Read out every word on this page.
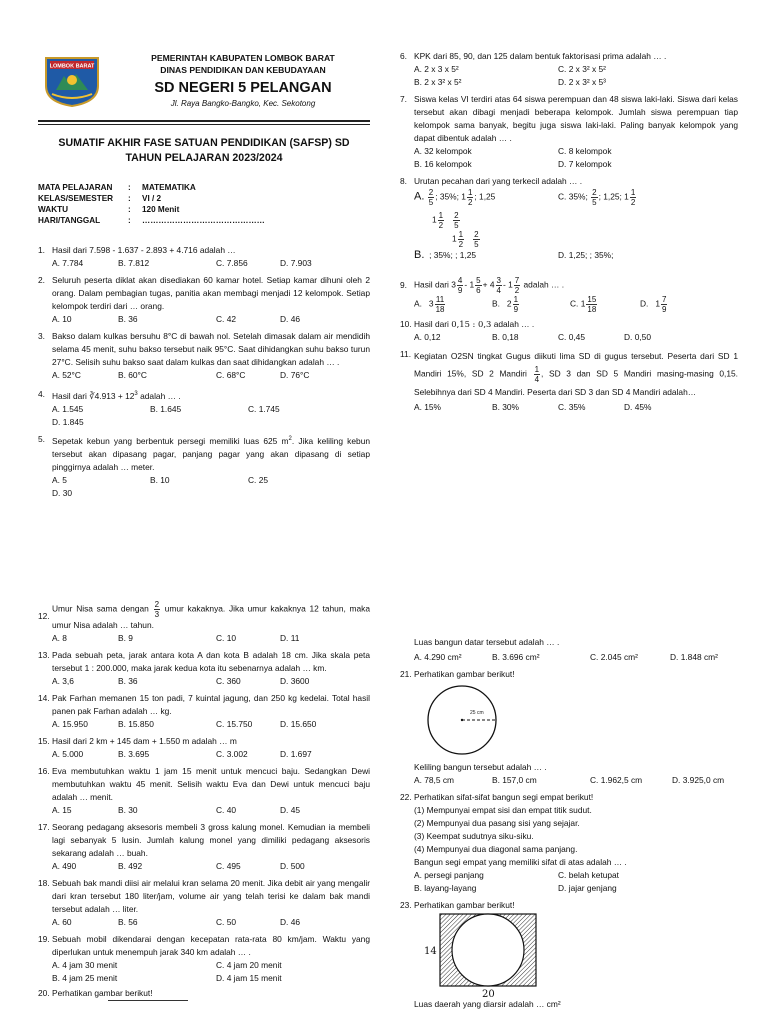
LOMBOK BARAT
PEMERINTAH KABUPATEN LOMBOK BARAT
DINAS PENDIDIKAN DAN KEBUDAYAAN
SD NEGERI 5 PELANGAN
Jl. Raya Bangko-Bangko, Kec. Sekotong
SUMATIF AKHIR FASE SATUAN PENDIDIKAN (SAFSP) SD
TAHUN PELAJARAN 2023/2024
MATA PELAJARAN	:	MATEMATIKA
KELAS/SEMESTER	:	VI / 2
WAKTU	:	120 Menit
HARI/TANGGAL	:	………………………………………
1. Hasil dari 7.598 - 1.637 - 2.893 + 4.716 adalah …
A. 7.784	B. 7.812	C. 7.856	D. 7.903
2. Seluruh peserta diklat akan disediakan 60 kamar hotel. Setiap kamar dihuni oleh 2 orang. Dalam pembagian tugas, panitia akan membagi menjadi 12 kelompok. Setiap kelompok terdiri dari … orang.
A. 10	B. 36	C. 42	D. 46
3. Bakso dalam kulkas bersuhu 8°C di bawah nol. Setelah dimasak dalam air mendidih selama 45 menit, suhu bakso tersebut naik 95°C. Saat dihidangkan suhu bakso turun 27°C. Selisih suhu bakso saat dalam kulkas dan saat dihidangkan adalah … .
A. 52°C	B. 60°C	C. 68°C	D. 76°C
4. Hasil dari ∛4.913 + $12^3$ adalah … .
A. 1.545	B. 1.645	C. 1.745
D. 1.845
5. Sepetak kebun yang berbentuk persegi memiliki luas 625 $m^2$. Jika keliling kebun tersebut akan dipasang pagar, panjang pagar yang akan dipasang di setiap pinggirnya adalah … meter.
A. 5	B. 10	C. 25
D. 30
6. KPK dari 85, 90, dan 125 dalam bentuk faktorisasi prima adalah … .
A. 2 x 3 x 5²	C. 2 x 3² x 5²
B. 2 x 3² x 5²	D. 2 x 3² x 5³
7. Siswa kelas VI terdiri atas 64 siswa perempuan dan 48 siswa laki-laki. Siswa dari kelas tersebut akan dibagi menjadi beberapa kelompok. Jumlah siswa perempuan tiap kelompok sama banyak, begitu juga siswa laki-laki. Paling banyak kelompok yang dapat dibentuk adalah … .
A. 32 kelompok	C. 8 kelompok
B. 16 kelompok	D. 7 kelompok
8. Urutan pecahan dari yang terkecil adalah … .
A. $\frac{2}{5}$ ; 35%; $1 \frac{1}{2}$ ; 1,25	C. 35%; $\frac{2}{5}$ ; 1,25; $1 \frac{1}{2}$
$1 \frac{1}{2}$
$\frac{2}{5}$
$1 \frac{1}{2}$
$\frac{2}{5}$
B. ; 35%; ; 1,25	D. 1,25; ; 35%;
9. Hasil dari $3 \frac{4}{9} - 1 \frac{5}{6} + 4 \frac{3}{4} - 1 \frac{7}{2}$ adalah … .
A.   $3 \frac{11}{18}$	B.   $2 \frac{1}{9}$	C. $1 \frac{15}{18}$	D.   $1 \frac{7}{9}$
10. Hasil dari 0,15 : 0,3 adalah … .
A. 0,12	B. 0,18	C. 0,45	D. 0,50
11. Kegiatan O2SN tingkat Gugus diikuti lima SD di gugus tersebut. Peserta dari SD 1 Mandiri 15%, SD 2 Mandiri $\frac{1}{4}$ , SD 3 dan SD 5 Mandiri masing-masing 0,15. Selebihnya dari SD 4 Mandiri. Peserta dari SD 3 dan SD 4 Mandiri adalah…
A. 15%	B. 30%	C. 35%	D. 45%
12.
Umur Nisa sama dengan $\frac{2}{3}$ umur kakaknya. Jika umur kakaknya 12 tahun, maka umur Nisa adalah … tahun.
A. 8	B. 9	C. 10	D. 11
13. Pada sebuah peta, jarak antara kota A dan kota B adalah 18 cm. Jika skala peta tersebut 1 : 200.000, maka jarak kedua kota itu sebenarnya adalah … km.
A. 3,6	B. 36	C. 360	D. 3600
14. Pak Farhan memanen 15 ton padi, 7 kuintal jagung, dan 250 kg kedelai. Total hasil panen pak Farhan adalah … kg.
A. 15.950	B. 15.850	C. 15.750	D. 15.650
15. Hasil dari 2 km + 145 dam + 1.550 m adalah … m
A. 5.000	B. 3.695	C. 3.002	D. 1.697
16. Eva membutuhkan waktu 1 jam 15 menit untuk mencuci baju. Sedangkan Dewi membutuhkan waktu 45 menit. Selisih waktu Eva dan Dewi untuk mencuci baju adalah … menit.
A. 15	B. 30	C. 40	D. 45
17. Seorang pedagang aksesoris membeli 3 gross kalung monel. Kemudian ia membeli lagi sebanyak 5 lusin. Jumlah kalung monel yang dimiliki pedagang aksesoris sekarang adalah … buah.
A. 490	B. 492	C. 495	D. 500
18. Sebuah bak mandi diisi air melalui kran selama 20 menit. Jika debit air yang mengalir dari kran tersebut 180 liter/jam, volume air yang telah terisi ke dalam bak mandi tersebut adalah … liter.
A. 60	B. 56	C. 50	D. 46
19. Sebuah mobil dikendarai dengan kecepatan rata-rata 80 km/jam. Waktu yang diperlukan untuk menempuh jarak 340 km adalah … .
A. 4 jam 30 menit	C. 4 jam 20 menit
B. 4 jam 25 menit	D. 4 jam 15 menit
20. Perhatikan gambar berikut!
Luas bangun datar tersebut adalah … .
A. 4.290 cm²	B. 3.696 cm²	C. 2.045 cm²	D. 1.848 cm²
21. Perhatikan gambar berikut!
25 cm
Keliling bangun tersebut adalah … .
A. 78,5 cm	B. 157,0 cm	C. 1.962,5 cm	D. 3.925,0 cm
22. Perhatikan sifat-sifat bangun segi empat berikut!
(1) Mempunyai empat sisi dan empat titik sudut.
(2) Mempunyai dua pasang sisi yang sejajar.
(3) Keempat sudutnya siku-siku.
(4) Mempunyai dua diagonal sama panjang.
Bangun segi empat yang memiliki sifat di atas adalah … .
A. persegi panjang	C. belah ketupat
B. layang-layang	D. jajar genjang
23. Perhatikan gambar berikut!
14
20
Luas daerah yang diarsir adalah … cm²
